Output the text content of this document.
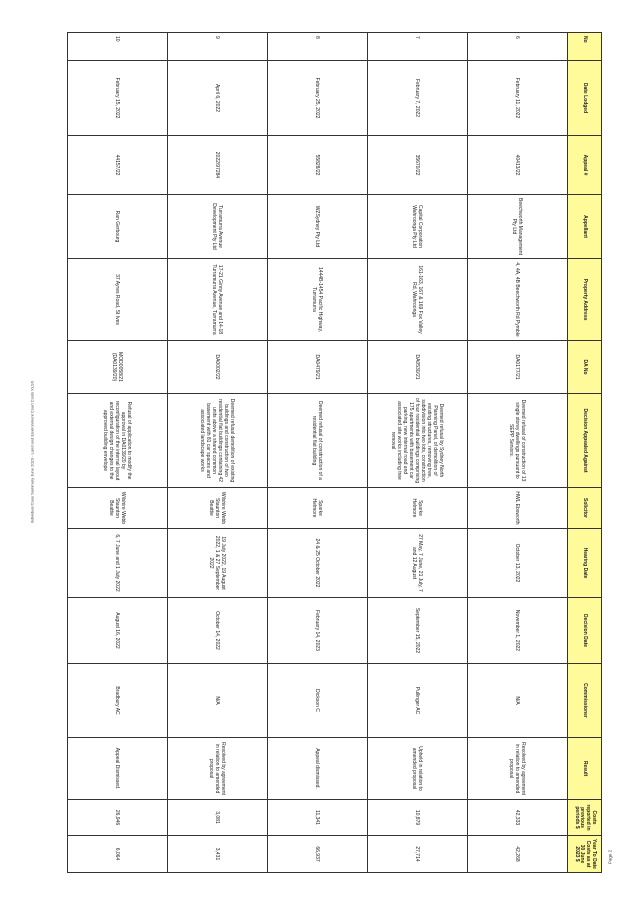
Individual Case Summary June 2023 - Land and Environment Court Costs XLSX
Page 2
No	Date Lodged	Appeal #	Appellant	Property Address	DA No	Decision Appealed Against	Solicitor	Hearing Date	Decision Date	Commissioner	Result	Costs reported in previous periods $	Year To Date Costs as at 30 June 2023 $
6	February 11, 2022	40413/22	Beechworth Management Pty Ltd	4, 4A, 4B Beechworth Rd Pymble	DA0177/21	Deemed refusal of construction of 13 single storey dwellings pursuant to SEPP Seniors.	HWL Ebsworth	October 13, 2022	November 1, 2022	N/A	Resolved by agreement in relation to amended proposal	42,333	42,268
7	February 7, 2022	35670/22	Capital Corporation Wahroonga Pty Ltd	161-163, 167 & 169 Fox Valley Rd, Wahroonga	DA0530/21	Deemed refusal by Sydney North Planning Panel, of demolition of existing structures, removing tree, subdivision into two lots, construction of four residential buildings comprising 175 apartments with basement car parking, new internal road and associated site works including tree removal	Sparke Helmore	27 May, 7 June, 21 July, 7 and 12 August	September 15, 2022	Pullinger AC	Upheld in relation to amended proposal	10,879	27,714
8	February 25, 2022	55828/22	WZSydney Pty Ltd	1444B-1454 Pacific Highway, Turramurra	DA0479/21	Deemed refusal of construction of a residential flat building	Sparke Helmore	24 & 25 October 2022	February 14, 2023	Dickson C	Appeal dismissed.	11,341	66,937
9	April 6, 2022	2022/97284	Turramurra Avenue Development Pty Ltd	17-21 Ginny Avenue and 14-18 Turramurra Avenue, Turramurra	DA0002/22	Deemed refusal demolition of existing buildings and construction of two residential flat buildings containing 42 units above a shared common basement with 81 car spaces and associated landscape works	Wilshire Webb Staunton Beattie	19 July 2022, 19 August 2022, 1 & 27 September 2022	October 14, 2022	N/A	Resolved by agreement in relation to amended proposal	3,081	3,431
10	February 15, 2022	44157/22	Ran Gerbourg	37 Ayres Road, St Ives	MOD0058/21 (DA0139/20)	Refusal of application to modify the approval in DA0139/20 by reconfiguration of the internal layout and external design changes to the approved building envelope	Wilshire Webb Staunton Beattie	6, 7 June and 1 July 2022	August 16, 2022	Bradbury AC	Appeal Dismissed.	26,946	6,064
